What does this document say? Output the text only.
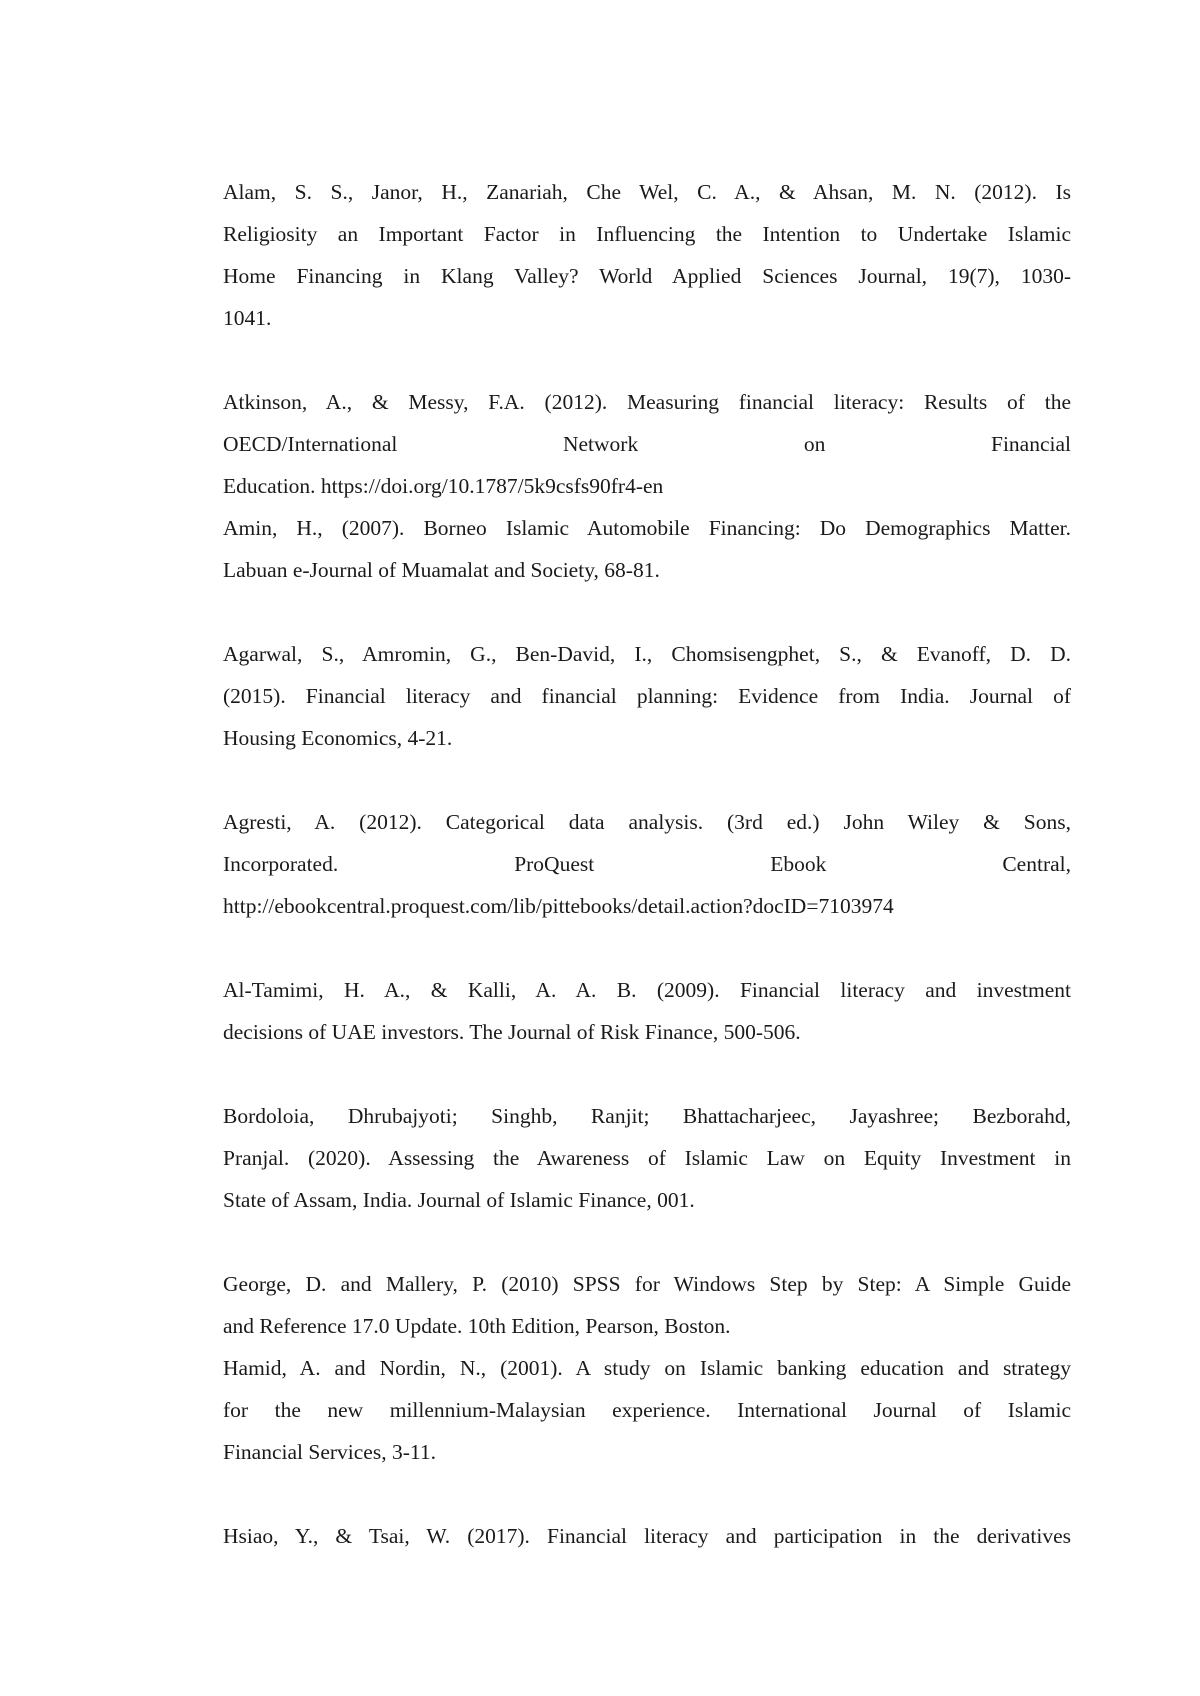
Alam, S. S., Janor, H., Zanariah, Che Wel, C. A., & Ahsan, M. N. (2012). Is
Religiosity an Important Factor in Influencing the Intention to Undertake Islamic
Home Financing in Klang Valley? World Applied Sciences Journal, 19(7), 1030-
1041.
Atkinson, A., & Messy, F.A. (2012). Measuring financial literacy: Results of the
OECD/International Network on Financial
Education. https://doi.org/10.1787/5k9csfs90fr4-en
Amin, H., (2007). Borneo Islamic Automobile Financing: Do Demographics Matter.
Labuan e-Journal of Muamalat and Society, 68-81.
Agarwal, S., Amromin, G., Ben-David, I., Chomsisengphet, S., & Evanoff, D. D.
(2015). Financial literacy and financial planning: Evidence from India. Journal of
Housing Economics, 4-21.
Agresti, A. (2012). Categorical data analysis. (3rd ed.) John Wiley & Sons,
Incorporated. ProQuest Ebook Central,
http://ebookcentral.proquest.com/lib/pittebooks/detail.action?docID=7103974
Al-Tamimi, H. A., & Kalli, A. A. B. (2009). Financial literacy and investment
decisions of UAE investors. The Journal of Risk Finance, 500-506.
Bordoloia, Dhrubajyoti; Singhb, Ranjit; Bhattacharjeec, Jayashree; Bezborahd,
Pranjal. (2020). Assessing the Awareness of Islamic Law on Equity Investment in
State of Assam, India. Journal of Islamic Finance, 001.
George, D. and Mallery, P. (2010) SPSS for Windows Step by Step: A Simple Guide
and Reference 17.0 Update. 10th Edition, Pearson, Boston.
Hamid, A. and Nordin, N., (2001). A study on Islamic banking education and strategy
for the new millennium-Malaysian experience. International Journal of Islamic
Financial Services, 3-11.
Hsiao, Y., & Tsai, W. (2017). Financial literacy and participation in the derivatives
